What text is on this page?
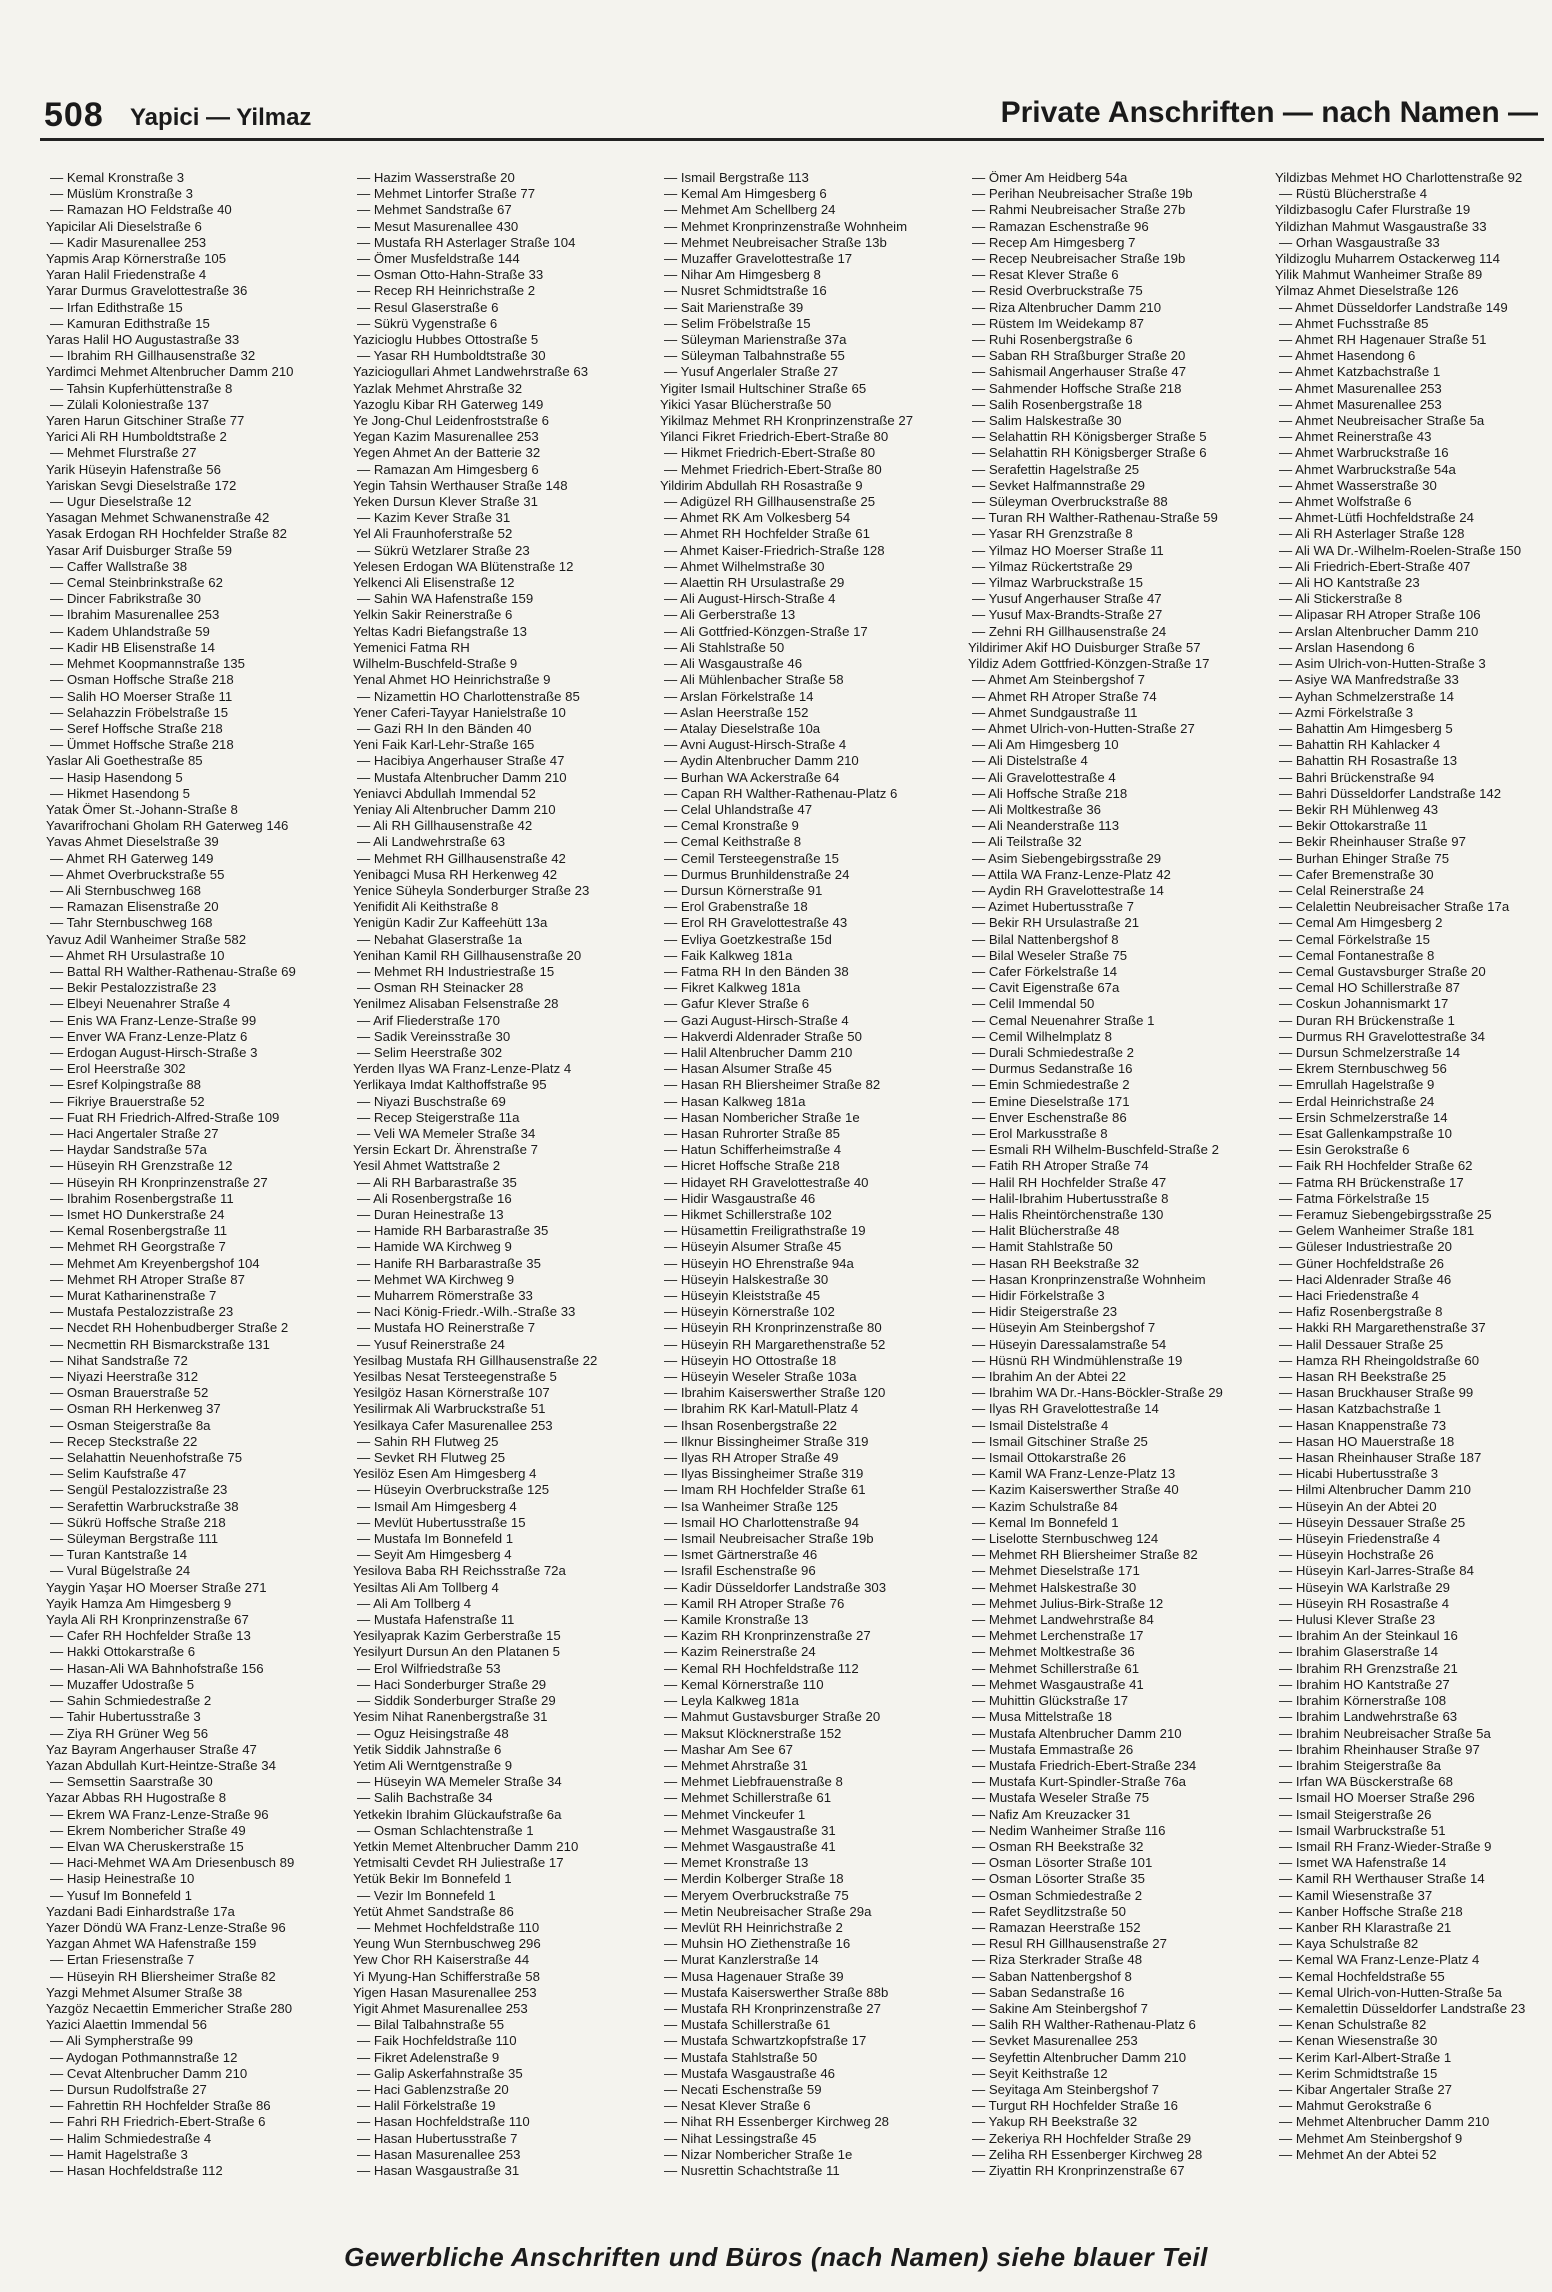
508 Yapici — Yilmaz	Private Anschriften — nach Namen —
— Kemal Kronstraße 3
— Müslüm Kronstraße 3
— Ramazan HO Feldstraße 40
Yapicilar Ali Dieselstraße 6
— Kadir Masurenallee 253
Yapmis Arap Körnerstraße 105
Yaran Halil Friedenstraße 4
Yarar Durmus Gravelottestraße 36
— Irfan Edithstraße 15
— Kamuran Edithstraße 15
Yaras Halil HO Augustastraße 33
— Ibrahim RH Gillhausenstraße 32
Yardimci Mehmet Altenbrucher Damm 210
— Tahsin Kupferhüttenstraße 8
— Zülali Koloniestraße 137
Yaren Harun Gitschiner Straße 77
Yarici Ali RH Humboldtstraße 2
— Mehmet Flurstraße 27
Yarik Hüseyin Hafenstraße 56
Yariskan Sevgi Dieselstraße 172
— Ugur Dieselstraße 12
Yasagan Mehmet Schwanenstraße 42
Yasak Erdogan RH Hochfelder Straße 82
Yasar Arif Duisburger Straße 59
— Caffer Wallstraße 38
— Cemal Steinbrinkstraße 62
— Dincer Fabrikstraße 30
— Ibrahim Masurenallee 253
— Kadem Uhlandstraße 59
— Kadir HB Elisenstraße 14
— Mehmet Koopmannstraße 135
— Osman Hoffsche Straße 218
— Salih HO Moerser Straße 11
— Selahazzin Fröbelstraße 15
— Seref Hoffsche Straße 218
— Ümmet Hoffsche Straße 218
Yaslar Ali Goethestraße 85
— Hasip Hasendong 5
— Hikmet Hasendong 5
Yatak Ömer St.-Johann-Straße 8
Yavarifrochani Gholam RH Gaterweg 146
Yavas Ahmet Dieselstraße 39
— Ahmet RH Gaterweg 149
— Ahmet Overbruckstraße 55
— Ali Sternbuschweg 168
— Ramazan Elisenstraße 20
— Tahr Sternbuschweg 168
Yavuz Adil Wanheimer Straße 582
— Ahmet RH Ursulastraße 10
— Battal RH Walther-Rathenau-Straße 69
— Bekir Pestalozzistraße 23
— Elbeyi Neuenahrer Straße 4
— Enis WA Franz-Lenze-Straße 99
— Enver WA Franz-Lenze-Platz 6
— Erdogan August-Hirsch-Straße 3
— Erol Heerstraße 302
— Esref Kolpingstraße 88
— Fikriye Brauerstraße 52
— Fuat RH Friedrich-Alfred-Straße 109
— Haci Angertaler Straße 27
— Haydar Sandstraße 57a
— Hüseyin RH Grenzstraße 12
— Hüseyin RH Kronprinzenstraße 27
— Ibrahim Rosenbergstraße 11
— Ismet HO Dunkerstraße 24
— Kemal Rosenbergstraße 11
— Mehmet RH Georgstraße 7
— Mehmet Am Kreyenbergshof 104
— Mehmet RH Atroper Straße 87
— Murat Katharinenstraße 7
— Mustafa Pestalozzistraße 23
— Necdet RH Hohenbudberger Straße 2
— Necmettin RH Bismarckstraße 131
— Nihat Sandstraße 72
— Niyazi Heerstraße 312
— Osman Brauerstraße 52
— Osman RH Herkenweg 37
— Osman Steigerstraße 8a
— Recep Steckstraße 22
— Selahattin Neuenhofstraße 75
— Selim Kaufstraße 47
— Sengül Pestalozzistraße 23
— Serafettin Warbruckstraße 38
— Sükrü Hoffsche Straße 218
— Süleyman Bergstraße 111
— Turan Kantstraße 14
— Vural Bügelstraße 24
Yaygin Yaşar HO Moerser Straße 271
Yayik Hamza Am Himgesberg 9
Yayla Ali RH Kronprinzenstraße 67
— Cafer RH Hochfelder Straße 13
— Hakki Ottokarstraße 6
— Hasan-Ali WA Bahnhofstraße 156
— Muzaffer Udostraße 5
— Sahin Schmiedestraße 2
— Tahir Hubertusstraße 3
— Ziya RH Grüner Weg 56
Yaz Bayram Angerhauser Straße 47
Yazan Abdullah Kurt-Heintze-Straße 34
— Semsettin Saarstraße 30
Yazar Abbas RH Hugostraße 8
— Ekrem WA Franz-Lenze-Straße 96
— Ekrem Nombericher Straße 49
— Elvan WA Cheruskerstraße 15
— Haci-Mehmet WA Am Driesenbusch 89
— Hasip Heinestraße 10
— Yusuf Im Bonnefeld 1
Yazdani Badi Einhardstraße 17a
Yazer Döndü WA Franz-Lenze-Straße 96
Yazgan Ahmet WA Hafenstraße 159
— Ertan Friesenstraße 7
— Hüseyin RH Bliersheimer Straße 82
Yazgi Mehmet Alsumer Straße 38
Yazgöz Necaettin Emmericher Straße 280
Yazici Alaettin Immendal 56
— Ali Sympherstraße 99
— Aydogan Pothmannstraße 12
— Cevat Altenbrucher Damm 210
— Dursun Rudolfstraße 27
— Fahrettin RH Hochfelder Straße 86
— Fahri RH Friedrich-Ebert-Straße 6
— Halim Schmiedestraße 4
— Hamit Hagelstraße 3
— Hasan Hochfeldstraße 112
— Hazim Wasserstraße 20
— Mehmet Lintorfer Straße 77
— Mehmet Sandstraße 67
— Mesut Masurenallee 430
— Mustafa RH Asterlager Straße 104
— Ömer Musfeldstraße 144
— Osman Otto-Hahn-Straße 33
— Recep RH Heinrichstraße 2
— Resul Glaserstraße 6
— Sükrü Vygenstraße 6
Yazicioglu Hubbes Ottostraße 5
— Yasar RH Humboldtstraße 30
Yaziciogullari Ahmet Landwehrstraße 63
Yazlak Mehmet Ahrstraße 32
Yazoglu Kibar RH Gaterweg 149
Ye Jong-Chul Leidenfroststraße 6
Yegan Kazim Masurenallee 253
Yegen Ahmet An der Batterie 32
— Ramazan Am Himgesberg 6
Yegin Tahsin Werthauser Straße 148
Yeken Dursun Klever Straße 31
— Kazim Kever Straße 31
Yel Ali Fraunhoferstraße 52
— Sükrü Wetzlarer Straße 23
Yelesen Erdogan WA Blütenstraße 12
Yelkenci Ali Elisenstraße 12
— Sahin WA Hafenstraße 159
Yelkin Sakir Reinerstraße 6
Yeltas Kadri Biefangstraße 13
Yemenici Fatma RH
Wilhelm-Buschfeld-Straße 9
Yenal Ahmet HO Heinrichstraße 9
— Nizamettin HO Charlottenstraße 85
Yener Caferi-Tayyar Hanielstraße 10
— Gazi RH In den Bänden 40
Yeni Faik Karl-Lehr-Straße 165
— Hacibiya Angerhauser Straße 47
— Mustafa Altenbrucher Damm 210
Yeniavci Abdullah Immendal 52
Yeniay Ali Altenbrucher Damm 210
— Ali RH Gillhausenstraße 42
— Ali Landwehrstraße 63
— Mehmet RH Gillhausenstraße 42
Yenibagci Musa RH Herkenweg 42
Yenice Süheyla Sonderburger Straße 23
Yenifidit Ali Keithstraße 8
Yenigün Kadir Zur Kaffeehütt 13a
— Nebahat Glaserstraße 1a
Yenihan Kamil RH Gillhausenstraße 20
— Mehmet RH Industriestraße 15
— Osman RH Steinacker 28
Yenilmez Alisaban Felsenstraße 28
— Arif Fliederstraße 170
— Sadik Vereinsstraße 30
— Selim Heerstraße 302
Yerden Ilyas WA Franz-Lenze-Platz 4
Yerlikaya Imdat Kalthoffstraße 95
— Niyazi Buschstraße 69
— Recep Steigerstraße 11a
— Veli WA Memeler Straße 34
Yersin Eckart Dr. Ährenstraße 7
Yesil Ahmet Wattstraße 2
— Ali RH Barbarastraße 35
— Ali Rosenbergstraße 16
— Duran Heinestraße 13
— Hamide RH Barbarastraße 35
— Hamide WA Kirchweg 9
— Hanife RH Barbarastraße 35
— Mehmet WA Kirchweg 9
— Muharrem Römerstraße 33
— Naci König-Friedr.-Wilh.-Straße 33
— Mustafa HO Reinerstraße 7
— Yusuf Reinerstraße 24
Yesilbag Mustafa RH Gillhausenstraße 22
Yesilbas Nesat Tersteegenstraße 5
Yesilgöz Hasan Körnerstraße 107
Yesilirmak Ali Warbruckstraße 51
Yesilkaya Cafer Masurenallee 253
— Sahin RH Flutweg 25
— Sevket RH Flutweg 25
Yesilöz Esen Am Himgesberg 4
— Hüseyin Overbruckstraße 125
— Ismail Am Himgesberg 4
— Mevlüt Hubertusstraße 15
— Mustafa Im Bonnefeld 1
— Seyit Am Himgesberg 4
Yesilova Baba RH Reichsstraße 72a
Yesiltas Ali Am Tollberg 4
— Ali Am Tollberg 4
— Mustafa Hafenstraße 11
Yesilyaprak Kazim Gerberstraße 15
Yesilyurt Dursun An den Platanen 5
— Erol Wilfriedstraße 53
— Haci Sonderburger Straße 29
— Siddik Sonderburger Straße 29
Yesim Nihat Ranenbergstraße 31
— Oguz Heisingstraße 48
Yetik Siddik Jahnstraße 6
Yetim Ali Werntgenstraße 9
— Hüseyin WA Memeler Straße 34
— Salih Bachstraße 34
Yetkekin Ibrahim Glückaufstraße 6a
— Osman Schlachtenstraße 1
Yetkin Memet Altenbrucher Damm 210
Yetmisalti Cevdet RH Juliestraße 17
Yetük Bekir Im Bonnefeld 1
— Vezir Im Bonnefeld 1
Yetüt Ahmet Sandstraße 86
— Mehmet Hochfeldstraße 110
Yeung Wun Sternbuschweg 296
Yew Chor RH Kaiserstraße 44
Yi Myung-Han Schifferstraße 58
Yigen Hasan Masurenallee 253
Yigit Ahmet Masurenallee 253
— Bilal Talbahnstraße 55
— Faik Hochfeldstraße 110
— Fikret Adelenstraße 9
— Galip Askerfahnstraße 35
— Haci Gablenzstraße 20
— Halil Förkelstraße 19
— Hasan Hochfeldstraße 110
— Hasan Hubertusstraße 7
— Hasan Masurenallee 253
— Hasan Wasgaustraße 31
— Ismail Bergstraße 113
— Kemal Am Himgesberg 6
— Mehmet Am Schellberg 24
— Mehmet Kronprinzenstraße Wohnheim
— Mehmet Neubreisacher Straße 13b
— Muzaffer Gravelottestraße 17
— Nihar Am Himgesberg 8
— Nusret Schmidtstraße 16
— Sait Marienstraße 39
— Selim Fröbelstraße 15
— Süleyman Marienstraße 37a
— Süleyman Talbahnstraße 55
— Yusuf Angerlaler Straße 27
Yigiter Ismail Hultschiner Straße 65
Yikici Yasar Blücherstraße 50
Yikilmaz Mehmet RH Kronprinzenstraße 27
Yilanci Fikret Friedrich-Ebert-Straße 80
— Hikmet Friedrich-Ebert-Straße 80
— Mehmet Friedrich-Ebert-Straße 80
Yildirim Abdullah RH Rosastraße 9
— Adigüzel RH Gillhausenstraße 25
— Ahmet RK Am Volkesberg 54
— Ahmet RH Hochfelder Straße 61
— Ahmet Kaiser-Friedrich-Straße 128
— Ahmet Wilhelmstraße 30
— Alaettin RH Ursulastraße 29
— Ali August-Hirsch-Straße 4
— Ali Gerberstraße 13
— Ali Gottfried-Könzgen-Straße 17
— Ali Stahlstraße 50
— Ali Wasgaustraße 46
— Ali Mühlenbacher Straße 58
— Arslan Förkelstraße 14
— Aslan Heerstraße 152
— Atalay Dieselstraße 10a
— Avni August-Hirsch-Straße 4
— Aydin Altenbrucher Damm 210
— Burhan WA Ackerstraße 64
— Capan RH Walther-Rathenau-Platz 6
— Celal Uhlandstraße 47
— Cemal Kronstraße 9
— Cemal Keithstraße 8
— Cemil Tersteegenstraße 15
— Durmus Brunhildenstraße 24
— Dursun Körnerstraße 91
— Erol Grabenstraße 18
— Erol RH Gravelottestraße 43
— Evliya Goetzkestraße 15d
— Faik Kalkweg 181a
— Fatma RH In den Bänden 38
— Fikret Kalkweg 181a
— Gafur Klever Straße 6
— Gazi August-Hirsch-Straße 4
— Hakverdi Aldenrader Straße 50
— Halil Altenbrucher Damm 210
— Hasan Alsumer Straße 45
— Hasan RH Bliersheimer Straße 82
— Hasan Kalkweg 181a
— Hasan Nombericher Straße 1e
— Hasan Ruhrorter Straße 85
— Hatun Schifferheimstraße 4
— Hicret Hoffsche Straße 218
— Hidayet RH Gravelottestraße 40
— Hidir Wasgaustraße 46
— Hikmet Schillerstraße 102
— Hüsamettin Freiligrathstraße 19
— Hüseyin Alsumer Straße 45
— Hüseyin HO Ehrenstraße 94a
— Hüseyin Halskestraße 30
— Hüseyin Kleiststraße 45
— Hüseyin Körnerstraße 102
— Hüseyin RH Kronprinzenstraße 80
— Hüseyin RH Margarethenstraße 52
— Hüseyin HO Ottostraße 18
— Hüseyin Weseler Straße 103a
— Ibrahim Kaiserswerther Straße 120
— Ibrahim RK Karl-Matull-Platz 4
— Ihsan Rosenbergstraße 22
— Ilknur Bissingheimer Straße 319
— Ilyas RH Atroper Straße 49
— Ilyas Bissingheimer Straße 319
— Imam RH Hochfelder Straße 61
— Isa Wanheimer Straße 125
— Ismail HO Charlottenstraße 94
— Ismail Neubreisacher Straße 19b
— Ismet Gärtnerstraße 46
— Israfil Eschenstraße 96
— Kadir Düsseldorfer Landstraße 303
— Kamil RH Atroper Straße 76
— Kamile Kronstraße 13
— Kazim RH Kronprinzenstraße 27
— Kazim Reinerstraße 24
— Kemal RH Hochfeldstraße 112
— Kemal Körnerstraße 110
— Leyla Kalkweg 181a
— Mahmut Gustavsburger Straße 20
— Maksut Klöcknerstraße 152
— Mashar Am See 67
— Mehmet Ahrstraße 31
— Mehmet Liebfrauenstraße 8
— Mehmet Schillerstraße 61
— Mehmet Vinckeufer 1
— Mehmet Wasgaustraße 31
— Mehmet Wasgaustraße 41
— Memet Kronstraße 13
— Merdin Kolberger Straße 18
— Meryem Overbruckstraße 75
— Metin Neubreisacher Straße 29a
— Mevlüt RH Heinrichstraße 2
— Muhsin HO Ziethenstraße 16
— Murat Kanzlerstraße 14
— Musa Hagenauer Straße 39
— Mustafa Kaiserswerther Straße 88b
— Mustafa RH Kronprinzenstraße 27
— Mustafa Schillerstraße 61
— Mustafa Schwartzkopfstraße 17
— Mustafa Stahlstraße 50
— Mustafa Wasgaustraße 46
— Necati Eschenstraße 59
— Nesat Klever Straße 6
— Nihat RH Essenberger Kirchweg 28
— Nihat Lessingstraße 45
— Nizar Nombericher Straße 1e
— Nusrettin Schachtstraße 11
— Ömer Am Heidberg 54a
— Perihan Neubreisacher Straße 19b
— Rahmi Neubreisacher Straße 27b
— Ramazan Eschenstraße 96
— Recep Am Himgesberg 7
— Recep Neubreisacher Straße 19b
— Resat Klever Straße 6
— Resid Overbruckstraße 75
— Riza Altenbrucher Damm 210
— Rüstem Im Weidekamp 87
— Ruhi Rosenbergstraße 6
— Saban RH Straßburger Straße 20
— Sahismail Angerhauser Straße 47
— Sahmender Hoffsche Straße 218
— Salih Rosenbergstraße 18
— Salim Halskestraße 30
— Selahattin RH Königsberger Straße 5
— Selahattin RH Königsberger Straße 6
— Serafettin Hagelstraße 25
— Sevket Halfmannstraße 29
— Süleyman Overbruckstraße 88
— Turan RH Walther-Rathenau-Straße 59
— Yasar RH Grenzstraße 8
— Yilmaz HO Moerser Straße 11
— Yilmaz Rückertstraße 29
— Yilmaz Warbruckstraße 15
— Yusuf Angerhauser Straße 47
— Yusuf Max-Brandts-Straße 27
— Zehni RH Gillhausenstraße 24
Yildirimer Akif HO Duisburger Straße 57
Yildiz Adem Gottfried-Könzgen-Straße 17
— Ahmet Am Steinbergshof 7
— Ahmet RH Atroper Straße 74
— Ahmet Sundgaustraße 11
— Ahmet Ulrich-von-Hutten-Straße 27
— Ali Am Himgesberg 10
— Ali Distelstraße 4
— Ali Gravelottestraße 4
— Ali Hoffsche Straße 218
— Ali Moltkestraße 36
— Ali Neanderstraße 113
— Ali Teilstraße 32
— Asim Siebengebirgsstraße 29
— Attila WA Franz-Lenze-Platz 42
— Aydin RH Gravelottestraße 14
— Azimet Hubertusstraße 7
— Bekir RH Ursulastraße 21
— Bilal Nattenbergshof 8
— Bilal Weseler Straße 75
— Cafer Förkelstraße 14
— Cavit Eigenstraße 67a
— Celil Immendal 50
— Cemal Neuenahrer Straße 1
— Cemil Wilhelmplatz 8
— Durali Schmiedestraße 2
— Durmus Sedanstraße 16
— Emin Schmiedestraße 2
— Emine Dieselstraße 171
— Enver Eschenstraße 86
— Erol Markusstraße 8
— Esmali RH Wilhelm-Buschfeld-Straße 2
— Fatih RH Atroper Straße 74
— Halil RH Hochfelder Straße 47
— Halil-Ibrahim Hubertusstraße 8
— Halis Rheintörchenstraße 130
— Halit Blücherstraße 48
— Hamit Stahlstraße 50
— Hasan RH Beekstraße 32
— Hasan Kronprinzenstraße Wohnheim
— Hidir Förkelstraße 3
— Hidir Steigerstraße 23
— Hüseyin Am Steinbergshof 7
— Hüseyin Daressalamstraße 54
— Hüsnü RH Windmühlenstraße 19
— Ibrahim An der Abtei 22
— Ibrahim WA Dr.-Hans-Böckler-Straße 29
— Ilyas RH Gravelottestraße 14
— Ismail Distelstraße 4
— Ismail Gitschiner Straße 25
— Ismail Ottokarstraße 26
— Kamil WA Franz-Lenze-Platz 13
— Kazim Kaiserswerther Straße 40
— Kazim Schulstraße 84
— Kemal Im Bonnefeld 1
— Liselotte Sternbuschweg 124
— Mehmet RH Bliersheimer Straße 82
— Mehmet Dieselstraße 171
— Mehmet Halskestraße 30
— Mehmet Julius-Birk-Straße 12
— Mehmet Landwehrstraße 84
— Mehmet Lerchenstraße 17
— Mehmet Moltkestraße 36
— Mehmet Schillerstraße 61
— Mehmet Wasgaustraße 41
— Muhittin Glückstraße 17
— Musa Mittelstraße 18
— Mustafa Altenbrucher Damm 210
— Mustafa Emmastraße 26
— Mustafa Friedrich-Ebert-Straße 234
— Mustafa Kurt-Spindler-Straße 76a
— Mustafa Weseler Straße 75
— Nafiz Am Kreuzacker 31
— Nedim Wanheimer Straße 116
— Osman RH Beekstraße 32
— Osman Lösorter Straße 101
— Osman Lösorter Straße 35
— Osman Schmiedestraße 2
— Rafet Seydlitzstraße 50
— Ramazan Heerstraße 152
— Resul RH Gillhausenstraße 27
— Riza Sterkrader Straße 48
— Saban Nattenbergshof 8
— Saban Sedanstraße 16
— Sakine Am Steinbergshof 7
— Salih RH Walther-Rathenau-Platz 6
— Sevket Masurenallee 253
— Seyfettin Altenbrucher Damm 210
— Seyit Keithstraße 12
— Seyitaga Am Steinbergshof 7
— Turgut RH Hochfelder Straße 16
— Yakup RH Beekstraße 32
— Zekeriya RH Hochfelder Straße 29
— Zeliha RH Essenberger Kirchweg 28
— Ziyattin RH Kronprinzenstraße 67
Yildizbas Mehmet HO Charlottenstraße 92
— Rüstü Blücherstraße 4
Yildizbasoglu Cafer Flurstraße 19
Yildizhan Mahmut Wasgaustraße 33
— Orhan Wasgaustraße 33
Yildizoglu Muharrem Ostackerweg 114
Yilik Mahmut Wanheimer Straße 89
Yilmaz Ahmet Dieselstraße 126
— Ahmet Düsseldorfer Landstraße 149
— Ahmet Fuchsstraße 85
— Ahmet RH Hagenauer Straße 51
— Ahmet Hasendong 6
— Ahmet Katzbachstraße 1
— Ahmet Masurenallee 253
— Ahmet Masurenallee 253
— Ahmet Neubreisacher Straße 5a
— Ahmet Reinerstraße 43
— Ahmet Warbruckstraße 16
— Ahmet Warbruckstraße 54a
— Ahmet Wasserstraße 30
— Ahmet Wolfstraße 6
— Ahmet-Lütfi Hochfeldstraße 24
— Ali RH Asterlager Straße 128
— Ali WA Dr.-Wilhelm-Roelen-Straße 150
— Ali Friedrich-Ebert-Straße 407
— Ali HO Kantstraße 23
— Ali Stickerstraße 8
— Alipasar RH Atroper Straße 106
— Arslan Altenbrucher Damm 210
— Arslan Hasendong 6
— Asim Ulrich-von-Hutten-Straße 3
— Asiye WA Manfredstraße 33
— Ayhan Schmelzerstraße 14
— Azmi Förkelstraße 3
— Bahattin Am Himgesberg 5
— Bahattin RH Kahlacker 4
— Bahattin RH Rosastraße 13
— Bahri Brückenstraße 94
— Bahri Düsseldorfer Landstraße 142
— Bekir RH Mühlenweg 43
— Bekir Ottokarstraße 11
— Bekir Rheinhauser Straße 97
— Burhan Ehinger Straße 75
— Cafer Bremenstraße 30
— Celal Reinerstraße 24
— Celalettin Neubreisacher Straße 17a
— Cemal Am Himgesberg 2
— Cemal Förkelstraße 15
— Cemal Fontanestraße 8
— Cemal Gustavsburger Straße 20
— Cemal HO Schillerstraße 87
— Coskun Johannismarkt 17
— Duran RH Brückenstraße 1
— Durmus RH Gravelottestraße 34
— Dursun Schmelzerstraße 14
— Ekrem Sternbuschweg 56
— Emrullah Hagelstraße 9
— Erdal Heinrichstraße 24
— Ersin Schmelzerstraße 14
— Esat Gallenkampstraße 10
— Esin Gerokstraße 6
— Faik RH Hochfelder Straße 62
— Fatma RH Brückenstraße 17
— Fatma Förkelstraße 15
— Feramuz Siebengebirgsstraße 25
— Gelem Wanheimer Straße 181
— Güleser Industriestraße 20
— Güner Hochfeldstraße 26
— Haci Aldenrader Straße 46
— Haci Friedenstraße 4
— Hafiz Rosenbergstraße 8
— Hakki RH Margarethenstraße 37
— Halil Dessauer Straße 25
— Hamza RH Rheingoldstraße 60
— Hasan RH Beekstraße 25
— Hasan Bruckhauser Straße 99
— Hasan Katzbachstraße 1
— Hasan Knappenstraße 73
— Hasan HO Mauerstraße 18
— Hasan Rheinhauser Straße 187
— Hicabi Hubertusstraße 3
— Hilmi Altenbrucher Damm 210
— Hüseyin An der Abtei 20
— Hüseyin Dessauer Straße 25
— Hüseyin Friedenstraße 4
— Hüseyin Hochstraße 26
— Hüseyin Karl-Jarres-Straße 84
— Hüseyin WA Karlstraße 29
— Hüseyin RH Rosastraße 4
— Hulusi Klever Straße 23
— Ibrahim An der Steinkaul 16
— Ibrahim Glaserstraße 14
— Ibrahim RH Grenzstraße 21
— Ibrahim HO Kantstraße 27
— Ibrahim Körnerstraße 108
— Ibrahim Landwehrstraße 63
— Ibrahim Neubreisacher Straße 5a
— Ibrahim Rheinhauser Straße 97
— Ibrahim Steigerstraße 8a
— Irfan WA Büsckerstraße 68
— Ismail HO Moerser Straße 296
— Ismail Steigerstraße 26
— Ismail Warbruckstraße 51
— Ismail RH Franz-Wieder-Straße 9
— Ismet WA Hafenstraße 14
— Kamil RH Werthauser Straße 14
— Kamil Wiesenstraße 37
— Kanber Hoffsche Straße 218
— Kanber RH Klarastraße 21
— Kaya Schulstraße 82
— Kemal WA Franz-Lenze-Platz 4
— Kemal Hochfeldstraße 55
— Kemal Ulrich-von-Hutten-Straße 5a
— Kemalettin Düsseldorfer Landstraße 23
— Kenan Schulstraße 82
— Kenan Wiesenstraße 30
— Kerim Karl-Albert-Straße 1
— Kerim Schmidtstraße 15
— Kibar Angertaler Straße 27
— Mahmut Gerokstraße 6
— Mehmet Altenbrucher Damm 210
— Mehmet Am Steinbergshof 9
— Mehmet An der Abtei 52
Gewerbliche Anschriften und Büros (nach Namen) siehe blauer Teil
